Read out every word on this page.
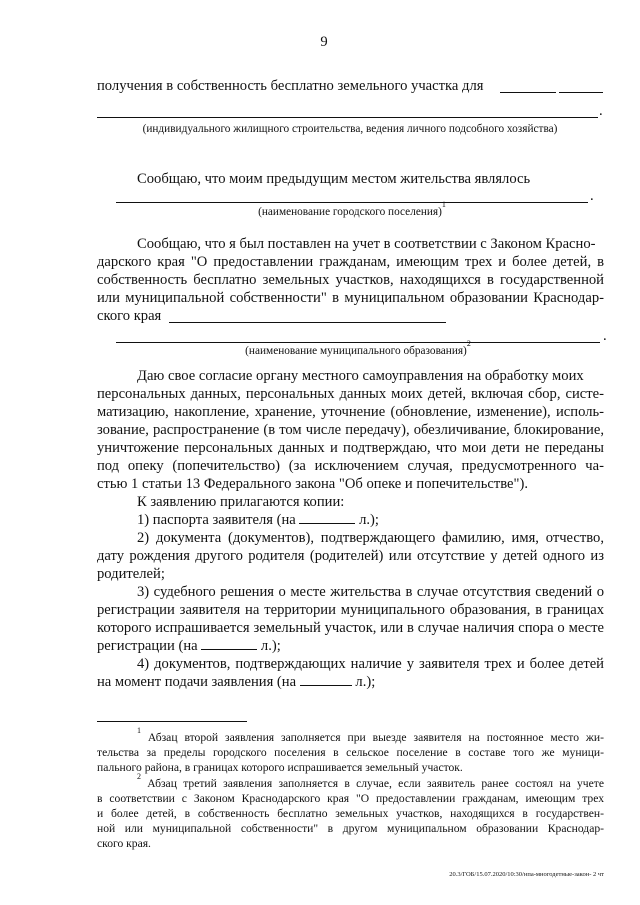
9
получения в собственность бесплатно земельного участка для
.
(индивидуального жилищного строительства, ведения личного подсобного хозяйства)
Сообщаю, что моим предыдущим местом жительства являлось
.
(наименование городского поселения)$^1$
Сообщаю, что я был поставлен на учет в соответствии с Законом Красно-
дарского края "О предоставлении гражданам, имеющим трех и более детей, в
собственность бесплатно земельных участков, находящихся в государственной
или муниципальной собственности" в муниципальном образовании Краснодар-
ского края
.
(наименование муниципального образования)$^2$
Даю свое согласие органу местного самоуправления на обработку моих
персональных данных, персональных данных моих детей, включая сбор, систе-
матизацию, накопление, хранение, уточнение (обновление, изменение), исполь-
зование, распространение (в том числе передачу), обезличивание, блокирование,
уничтожение персональных данных и подтверждаю, что мои дети не переданы
под опеку (попечительство) (за исключением случая, предусмотренного ча-
стью 1 статьи 13 Федерального закона "Об опеке и попечительстве").
К заявлению прилагаются копии:
1) паспорта заявителя (на	л.);
2) документа (документов), подтверждающего фамилию, имя, отчество,
дату рождения другого родителя (родителей) или отсутствие у детей одного из
родителей;
3) судебного решения о месте жительства в случае отсутствия сведений о
регистрации заявителя на территории муниципального образования, в границах
которого испрашивается земельный участок, или в случае наличия спора о месте
регистрации (на	л.);
4) документов, подтверждающих наличие у заявителя трех и более детей
на момент подачи заявления (на	л.);
$^1$ Абзац второй заявления заполняется при выезде заявителя на постоянное место жи-
тельства за пределы городского поселения в сельское поселение в составе того же муници-
пального района, в границах которого испрашивается земельный участок.
$^2$ Абзац третий заявления заполняется в случае, если заявитель ранее состоял на учете
в соответствии с Законом Краснодарского края "О предоставлении гражданам, имеющим трех
и более детей, в собственность бесплатно земельных участков, находящихся в государствен-
ной или муниципальной собственности" в другом муниципальном образовании Краснодар-
ского края.
20.3/ГОБ/15.07.2020/10:30/нпа-многодетные-закон- 2 чт
